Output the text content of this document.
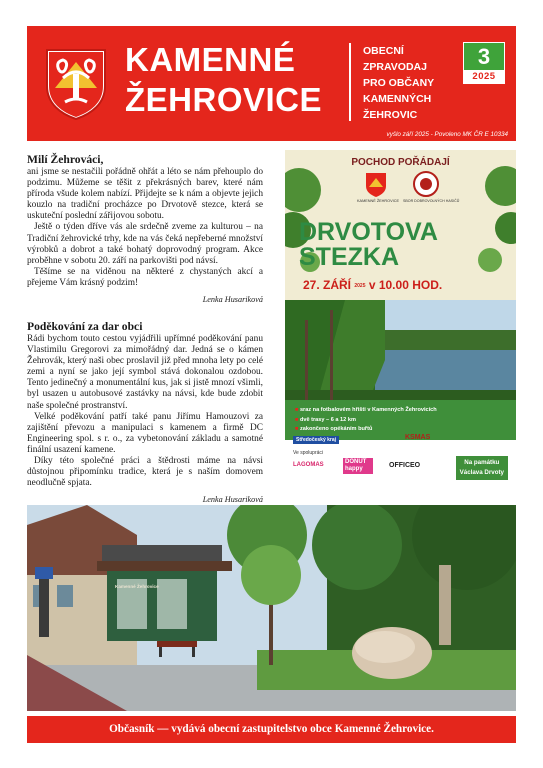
KAMENNÉ
ŽEHROVICE
OBECNÍ
ZPRAVODAJ
PRO OBČANY
KAMENNÝCH
ŽEHROVIC
3
2025
vyšlo září 2025 - Povoleno MK ČR E 10334
Milí Žehrováci,

ani jsme se nestačili pořádně ohřát a léto se nám přehouplo do podzimu. Můžeme se těšit z překrásných barev, které nám příroda všude kolem nabízí. Přijdejte se k nám a objevte jejich kouzlo na tradiční procházce po Drvotově stezce, která se uskuteční poslední zářijovou sobotu.

Ještě o týden dříve vás ale srdečně zveme za kulturou – na Tradiční žehrovické trhy, kde na vás čeká nepřeberné množství výrobků a dobrot a také bohatý doprovodný program. Akce proběhne v sobotu 20. září na parkovišti pod návsí.

Těšíme se na viděnou na některé z chystaných akcí a přejeme Vám krásný podzim!

Lenka Husariková

Poděkování za dar obci

Rádi bychom touto cestou vyjádřili upřímné poděkování panu Vlastimilu Gregorovi za mimořádný dar. Jedná se o kámen Žehrovák, který naši obec proslavil již před mnoha lety po celé zemi a nyní se jako její symbol stává dokonalou ozdobou. Tento jedinečný a monumentální kus, jak si jistě mnozí všimli, byl usazen u autobusové zastávky na návsi, kde bude zdobit naše společné prostranství.

Velké poděkování patří také panu Jiřímu Hamouzovi za zajištění převozu a manipulaci s kamenem a firmě DC Engineering spol. s r. o., za vybetonování základu a samotné finální usazení kamene.

Díky této společné práci a štědrosti máme na návsi důstojnou připomínku tradice, která je s naším domovem neodlučně spjata.

Lenka Husariková

POCHOD POŘÁDAJÍ
KAMENNÉ ŽEHROVICE SBOR DOBROVOLNÝCH HASIČŮ
DRVOTOVA
STEZKA
27. ZÁŘÍ 2025 v 10.00 HOD.
■ sraz na fotbalovém hřišti v Kamenných Žehrovicích
■ dvě trasy – 6 a 12 km
■ zakončeno opékáním buřtů
Středočeský kraj	KSMAS
Ve spolupráci
LAGOMAS	DONUT happy	OFFICEO	Na památku
Václava Drvoty
Kamenné Žehrovice
Občasník — vydává obecní zastupitelstvo obce Kamenné Žehrovice.
